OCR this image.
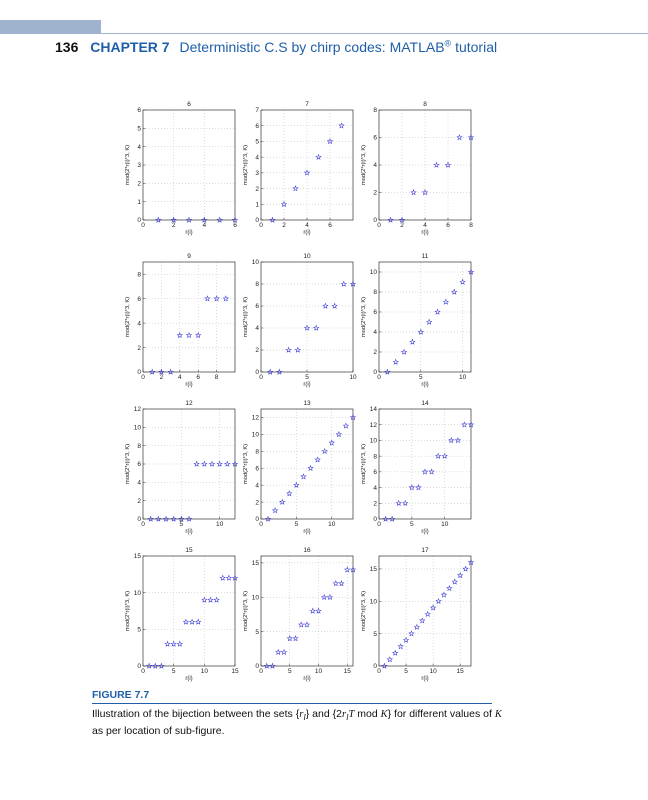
136 CHAPTER 7 Deterministic C.S by chirp codes: MATLAB® tutorial
0	2	4	6
0
1
2
3
4
5
6
6
r(i)
mod(2*r(i)*3, K)
0	2	4	6
0
1
2
3
4
5
6
7
7
r(i)
mod(2*r(i)*3, K)
0	2	4	6	8
0
2
4
6
8
8
r(i)
mod(2*r(i)*3, K)
0 2 4 6 8
0
2
4
6
8
9
r(i)
mod(2*r(i)*3, K)
0	5	10
0
2
4
6
8
10
10
r(i)
mod(2*r(i)*3, K)
0	5	10
0
2
4
6
8
10
11
r(i)
mod(2*r(i)*3, K)
0	5	10
0
2
4
6
8
10
12
12
r(i)
mod(2*r(i)*3, K)
0	5	10
0
2
4
6
8
10
12
13
r(i)
mod(2*r(i)*3, K)
0	5	10
0
2
4
6
8
10
12
14
14
r(i)
mod(2*r(i)*3, K)
0	5	10	15
0
5
10
15
15
r(i)
mod(2*r(i)*3, K)
0	5	10	15
0
5
10
15
16
r(i)
mod(2*r(i)*3, K)
0	5	10	15
0
5
10
15
17
r(i)
mod(2*r(i)*3, K)
FIGURE 7.7
Illustration of the bijection between the sets $\{r_l\}$ and {$2r_lT$ mod K} for different values of K
as per location of sub-figure.
